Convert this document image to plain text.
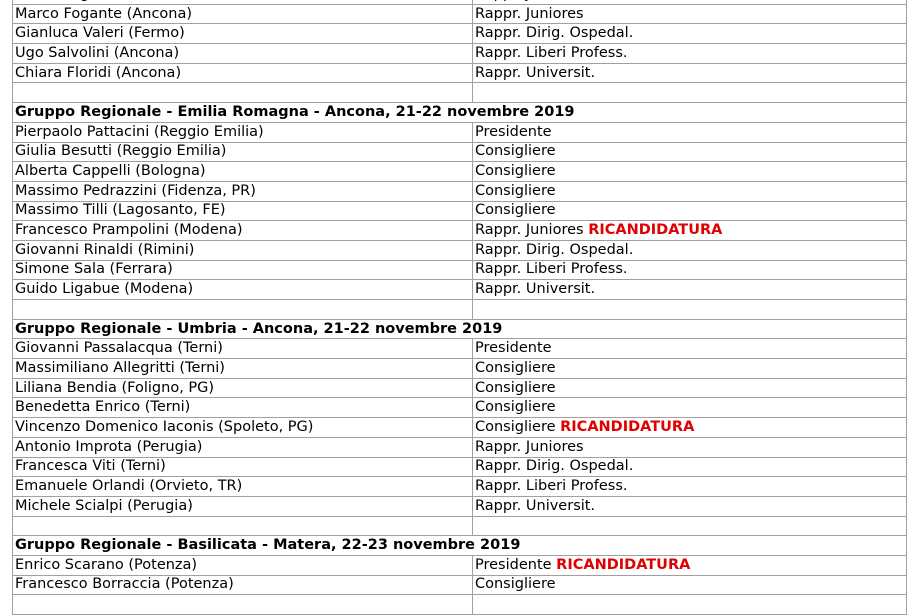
Marco Fogante (Ancona)	Rappr. Juniores
Gianluca Valeri (Fermo)	Rappr. Dirig. Ospedal.
Ugo Salvolini (Ancona)	Rappr. Liberi Profess.
Chiara Floridi (Ancona)	Rappr. Universit.

Gruppo Regionale - Emilia Romagna - Ancona, 21-22 novembre 2019	
Pierpaolo Pattacini (Reggio Emilia)	Presidente
Giulia Besutti (Reggio Emilia)	Consigliere
Alberta Cappelli (Bologna)	Consigliere
Massimo Pedrazzini (Fidenza, PR)	Consigliere
Massimo Tilli (Lagosanto, FE)	Consigliere
Francesco Prampolini (Modena)	Rappr. Juniores RICANDIDATURA
Giovanni Rinaldi (Rimini)	Rappr. Dirig. Ospedal.
Simone Sala (Ferrara)	Rappr. Liberi Profess.
Guido Ligabue (Modena)	Rappr. Universit.

Gruppo Regionale - Umbria - Ancona, 21-22 novembre 2019	
Giovanni Passalacqua (Terni)	Presidente
Massimiliano Allegritti (Terni)	Consigliere
Liliana Bendia (Foligno, PG)	Consigliere
Benedetta Enrico (Terni)	Consigliere
Vincenzo Domenico Iaconis (Spoleto, PG)	Consigliere RICANDIDATURA
Antonio Improta (Perugia)	Rappr. Juniores
Francesca Viti (Terni)	Rappr. Dirig. Ospedal.
Emanuele Orlandi (Orvieto, TR)	Rappr. Liberi Profess.
Michele Scialpi (Perugia)	Rappr. Universit.

Gruppo Regionale - Basilicata - Matera, 22-23 novembre 2019	
Enrico Scarano (Potenza)	Presidente RICANDIDATURA
Francesco Borraccia (Potenza)	Consigliere
